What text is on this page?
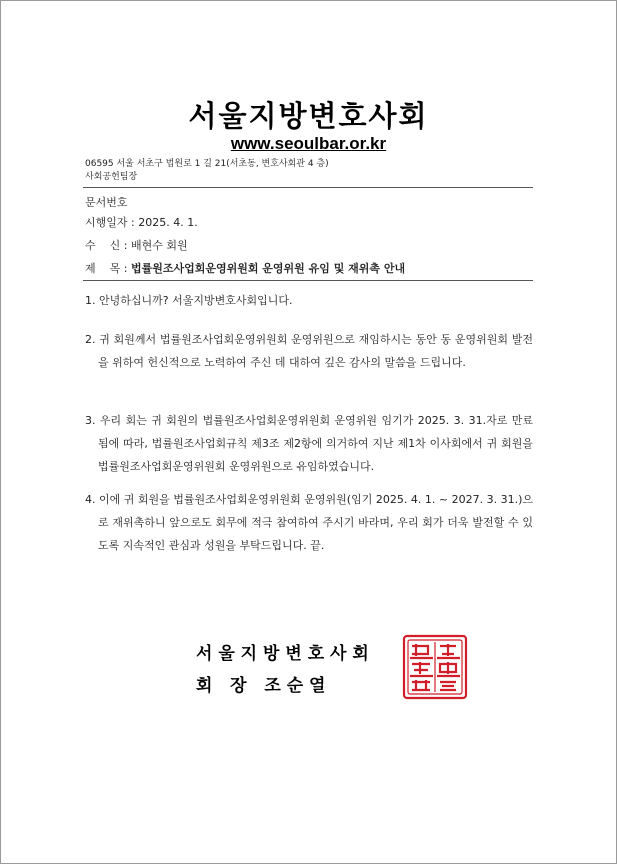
서울지방변호사회
www.seoulbar.or.kr
06595 서울 서초구 법원로 1 길 21(서초동, 변호사회관 4 층)
사회공헌팀장
문서번호
시행일자 : 2025. 4. 1.
수    신 : 배현수 회원
제    목 : 법률원조사업회운영위원회 운영위원 유임 및 재위촉 안내
1. 안녕하십니까? 서울지방변호사회입니다.
2. 귀 회원께서 법률원조사업회운영위원회 운영위원으로 재임하시는 동안 동 운영위원회 발전을 위하여 헌신적으로 노력하여 주신 데 대하여 깊은 감사의 말씀을 드립니다.
3. 우리 회는 귀 회원의 법률원조사업회운영위원회 운영위원 임기가 2025. 3. 31.자로 만료됨에 따라, 법률원조사업회규칙 제3조 제2항에 의거하여 지난 제1차 이사회에서 귀 회원을 법률원조사업회운영위원회 운영위원으로 유임하였습니다.
4. 이에 귀 회원을 법률원조사업회운영위원회 운영위원(임기 2025. 4. 1. ~ 2027. 3. 31.)으로 재위촉하니 앞으로도 회무에 적극 참여하여 주시기 바라며, 우리 회가 더욱 발전할 수 있도록 지속적인 관심과 성원을 부탁드립니다. 끝.
서 울 지 방 변 호 사 회
회   장   조 순 열
